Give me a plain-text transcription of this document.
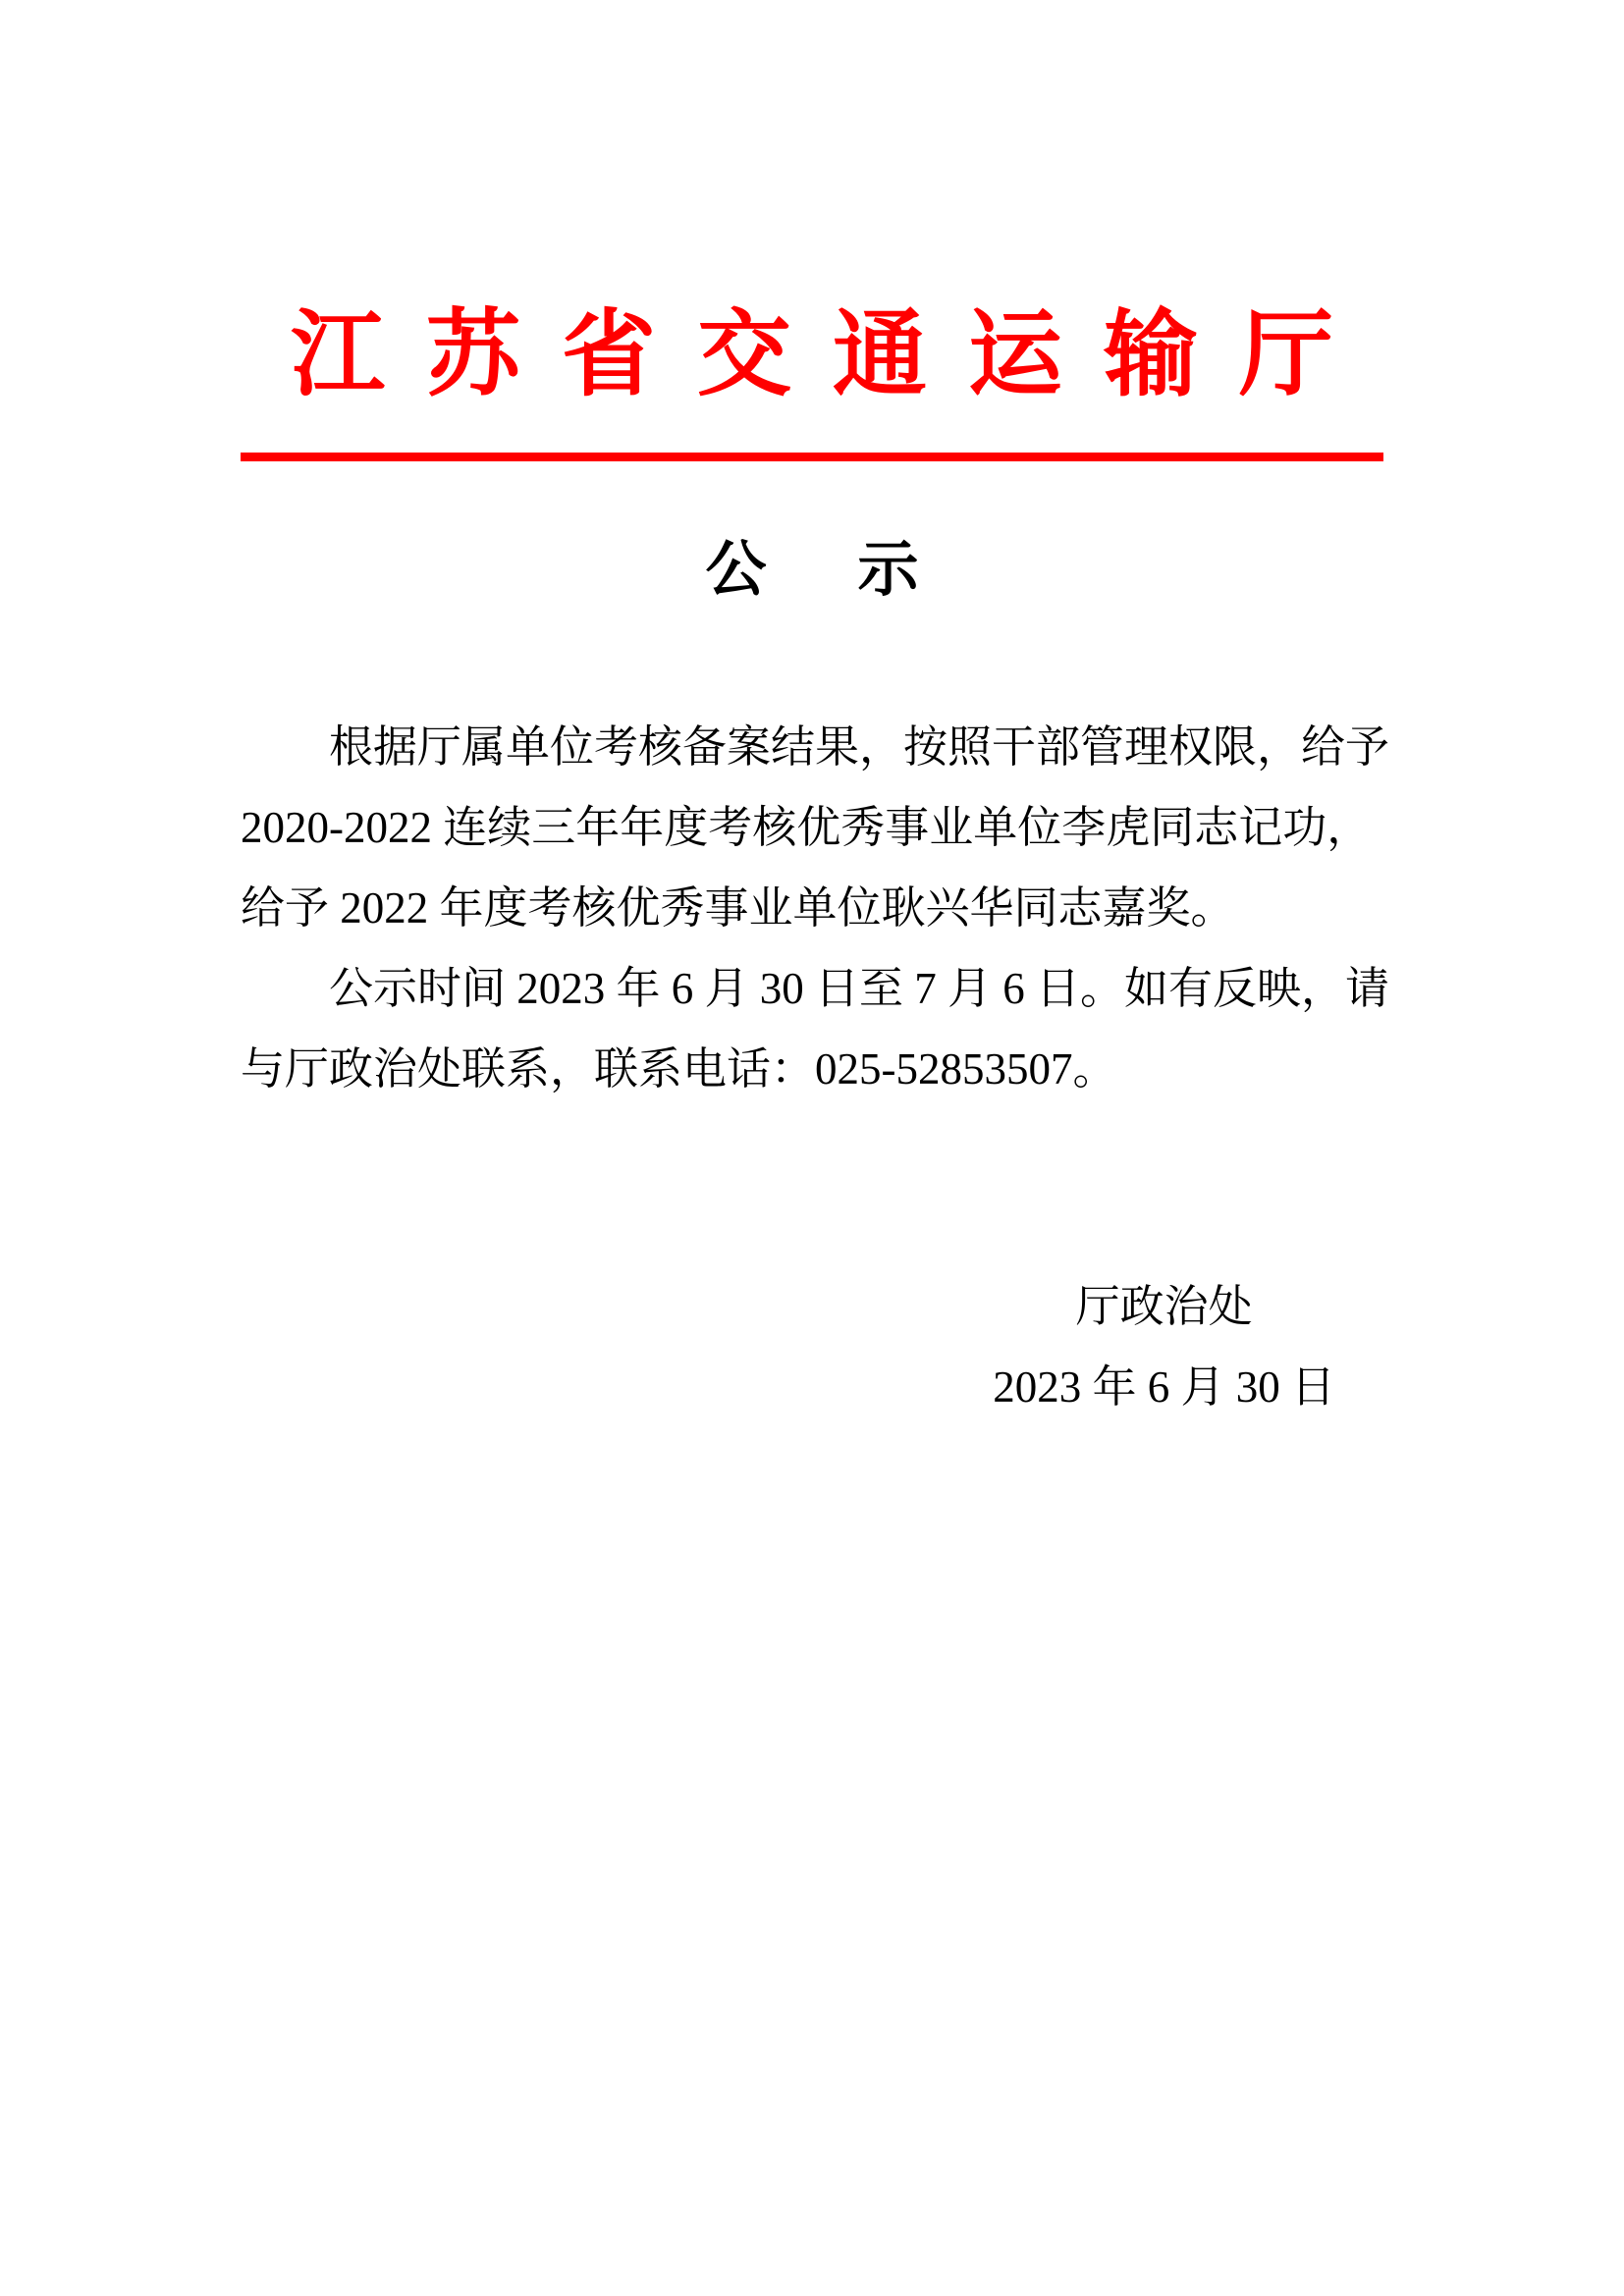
江苏省交通运输厅
公示
根据厅属单位考核备案结果，按照干部管理权限，给予
2020-2022 连续三年年度考核优秀事业单位李虎同志记功，
给予 2022 年度考核优秀事业单位耿兴华同志嘉奖。
公示时间 2023 年 6 月 30 日至 7 月 6 日。如有反映，请
与厅政治处联系，联系电话：025-52853507。
厅政治处
2023 年 6 月 30 日
